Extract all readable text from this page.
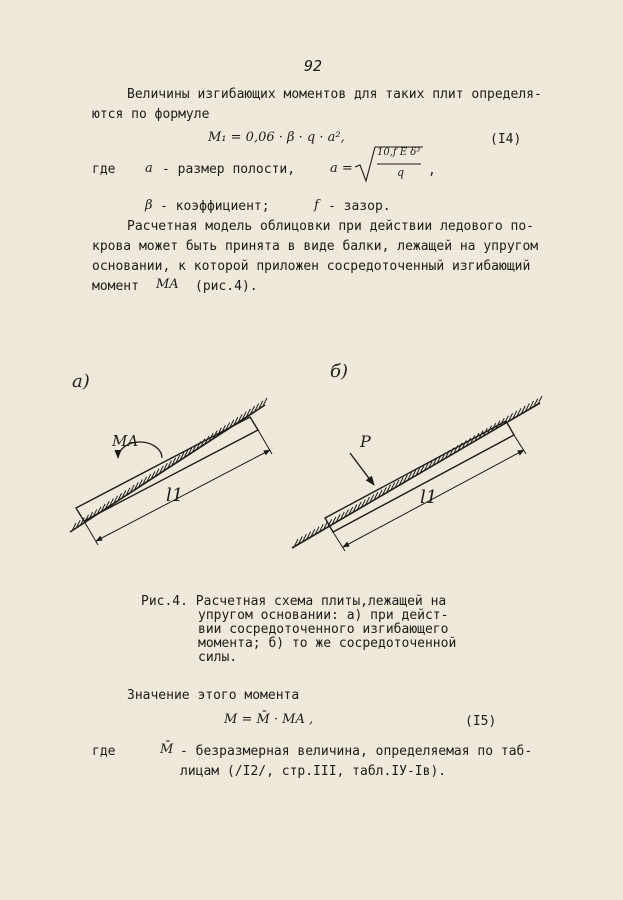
92
Величины изгибающих моментов для таких плит определя-
ются по формуле
M₁ = 0,06 · β · q · a²,	(I4)
где a - размер полости,	a =
10,f E δ³
q ,
β - коэффициент;	f - зазор.
Расчетная модель облицовки при действии ледового по-
крова может быть принята в виде балки, лежащей на упругом
основании, к которой приложен сосредоточенный изгибающий
момент MA (рис.4).
a)	б)
MA
l1
P
l1
Рис.4. Расчетная схема плиты,лежащей на
упругом основании: а) при дейст-
вии сосредоточенного изгибающего
момента; б) то же сосредоточенной
силы.
Значение этого момента
M = M̄ · MA ,	(I5)
где	M̄ - безразмерная величина, определяемая по таб-
лицам (/I2/, стр.III, табл.IУ-Iв).
